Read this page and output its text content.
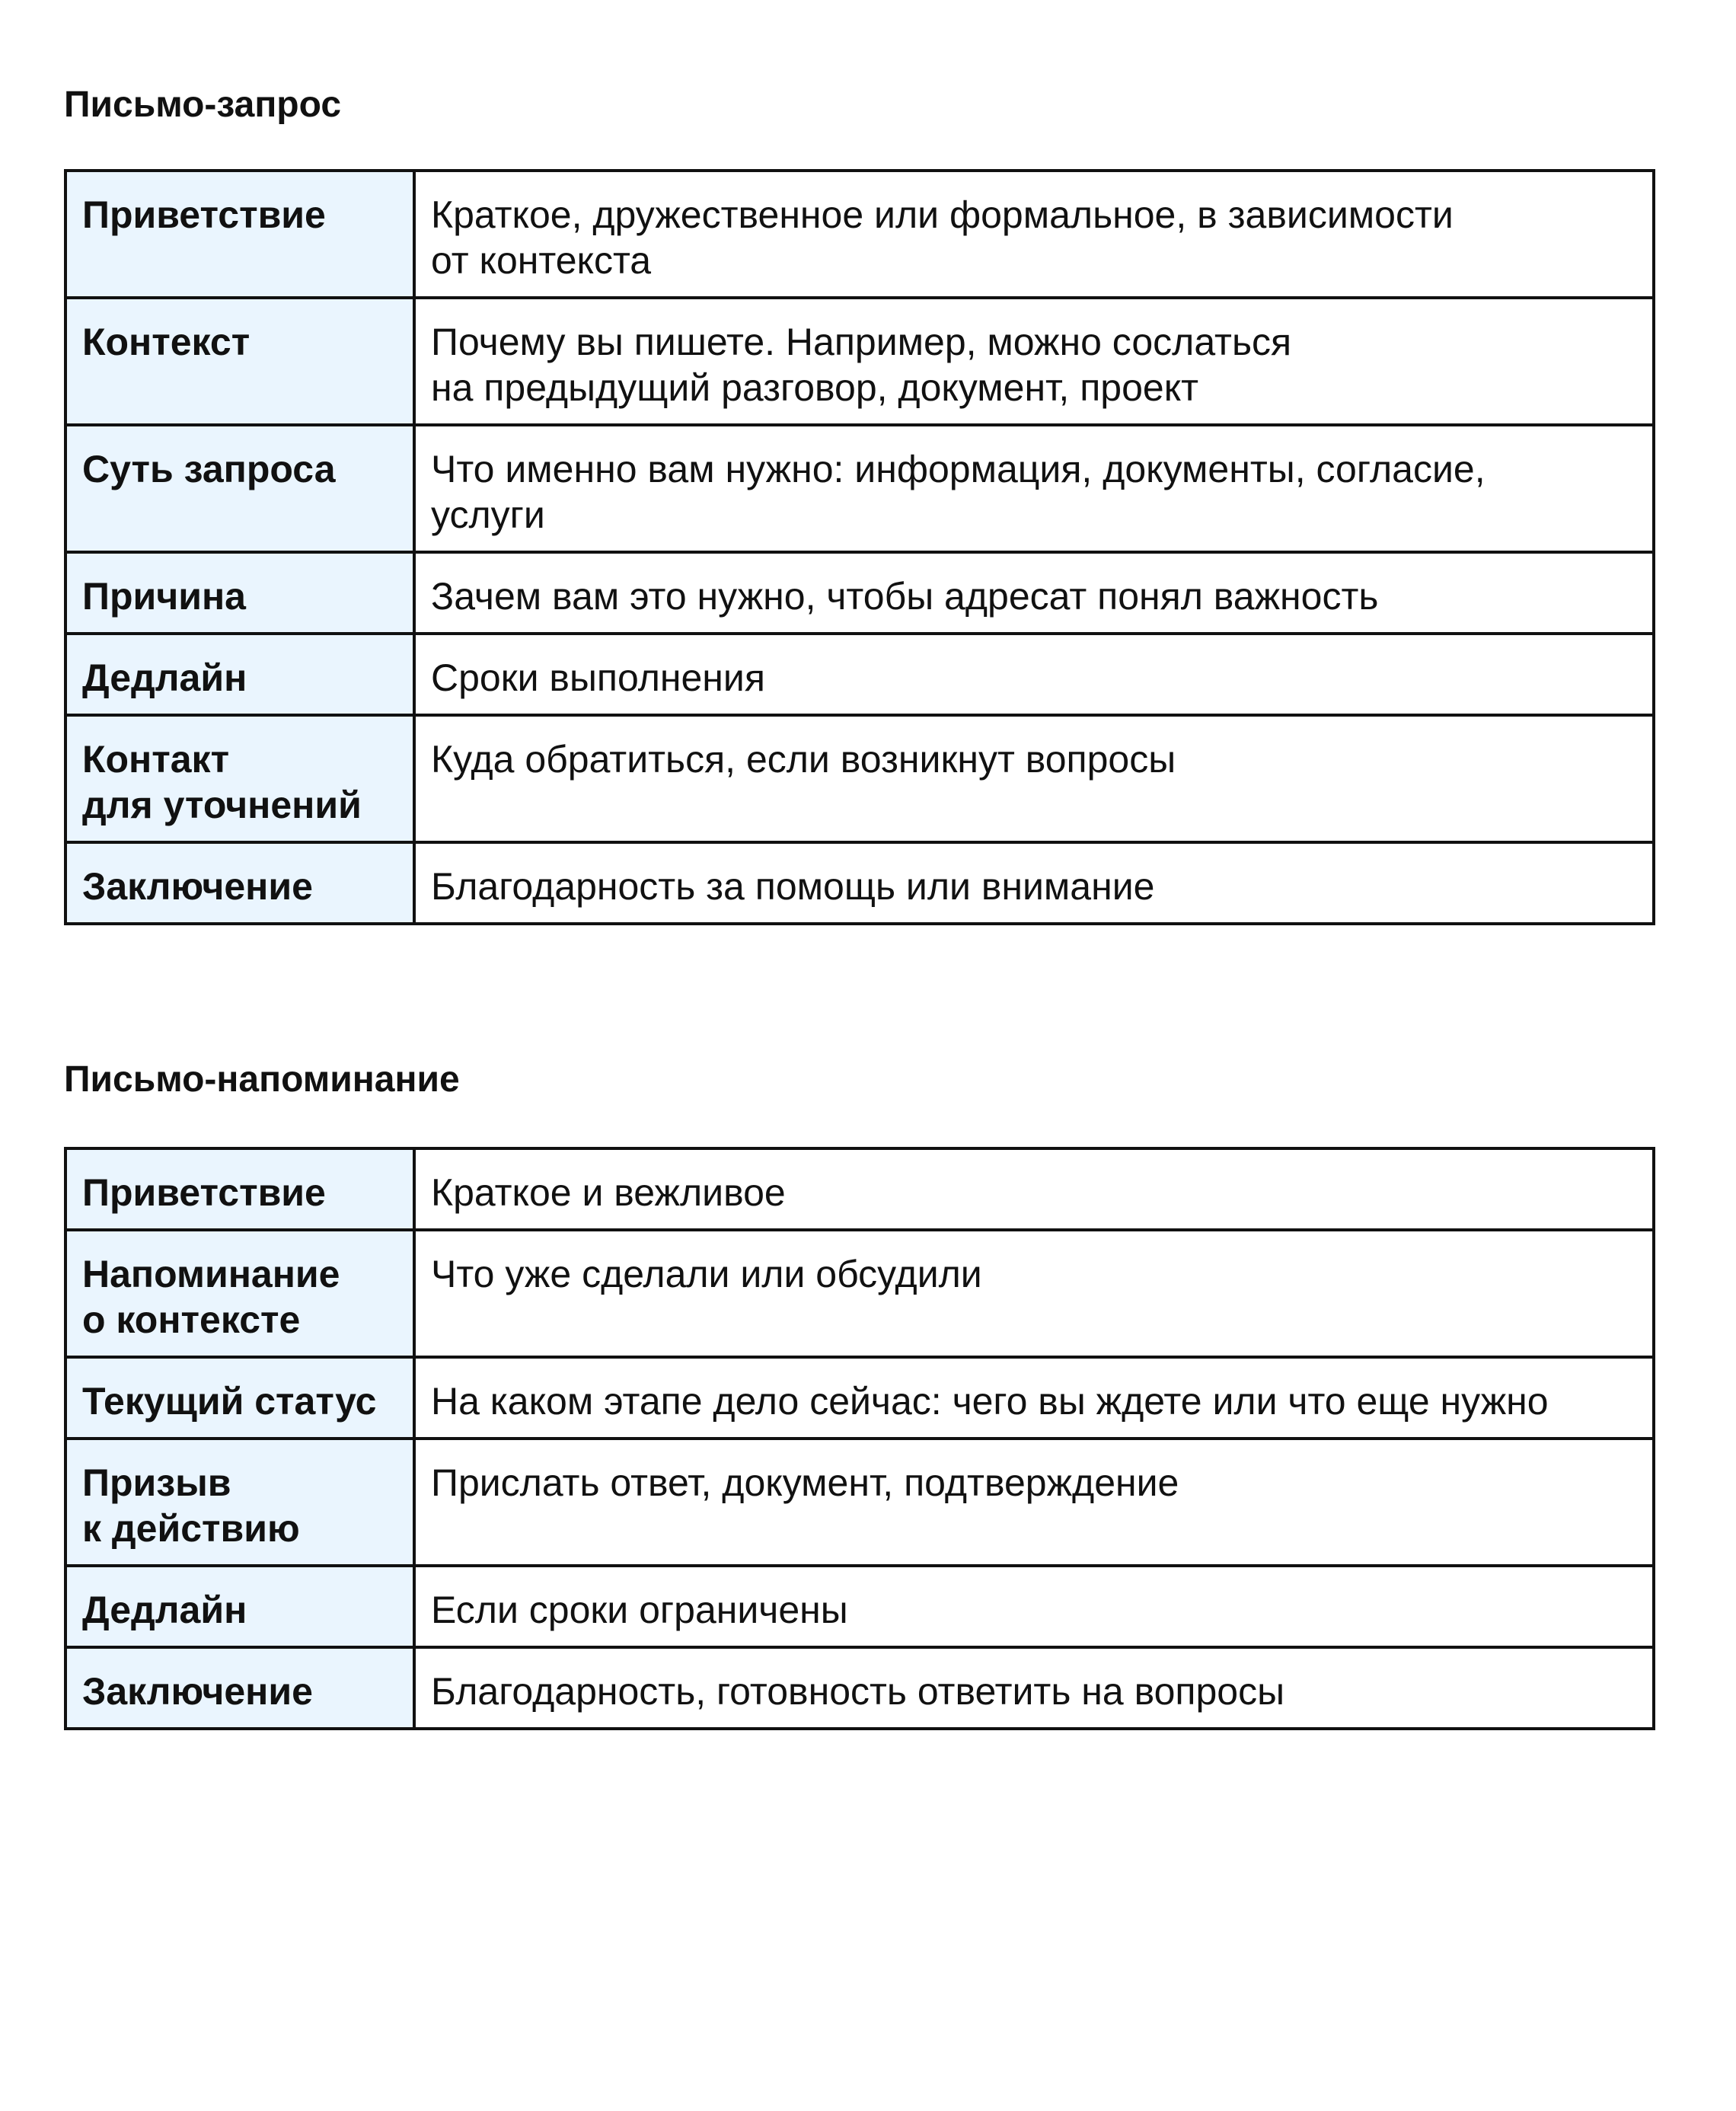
Письмо-запрос
Приветствие	Краткое, дружественное или формальное, в зависимости
от контекста

Контекст	Почему вы пишете. Например, можно сослаться
на предыдущий разговор, документ, проект

Суть запроса	Что именно вам нужно: информация, документы, согласие,
услуги

Причина	Зачем вам это нужно, чтобы адресат понял важность

Дедлайн	Сроки выполнения

Контакт
для уточнений	Куда обратиться, если возникнут вопросы

Заключение	Благодарность за помощь или внимание
Письмо-напоминание
Приветствие	Краткое и вежливое

Напоминание
о контексте	Что уже сделали или обсудили

Текущий статус	На каком этапе дело сейчас: чего вы ждете или что еще нужно

Призыв
к действию	Прислать ответ, документ, подтверждение

Дедлайн	Если сроки ограничены

Заключение	Благодарность, готовность ответить на вопросы
